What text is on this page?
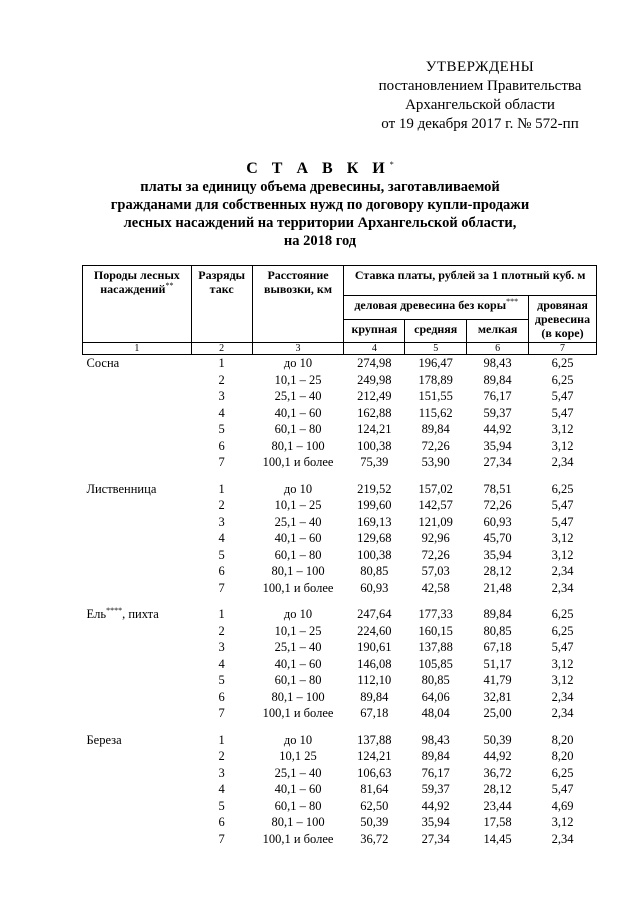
УТВЕРЖДЕНЫ
постановлением Правительства
Архангельской области
от 19 декабря 2017 г. № 572-пп
С Т А В К И*
платы за единицу объема древесины, заготавливаемой
гражданами для собственных нужд по договору купли-продажи
лесных насаждений на территории Архангельской области,
на 2018 год
Породы лесных насаждений**	Разряды такс	Расстояние вывозки, км	Ставка платы, рублей за 1 плотный куб. м			
			деловая древесина без коры***			дровяная древесина (в коре)
			крупная	средняя	мелкая	
1	2	3	4	5	6	7
Сосна	1	до 10	274,98	196,47	98,43	6,25
	2	10,1 – 25	249,98	178,89	89,84	6,25
	3	25,1 – 40	212,49	151,55	76,17	5,47
	4	40,1 – 60	162,88	115,62	59,37	5,47
	5	60,1 – 80	124,21	89,84	44,92	3,12
	6	80,1 – 100	100,38	72,26	35,94	3,12
	7	100,1 и более	75,39	53,90	27,34	2,34

Лиственница	1	до 10	219,52	157,02	78,51	6,25
	2	10,1 – 25	199,60	142,57	72,26	5,47
	3	25,1 – 40	169,13	121,09	60,93	5,47
	4	40,1 – 60	129,68	92,96	45,70	3,12
	5	60,1 – 80	100,38	72,26	35,94	3,12
	6	80,1 – 100	80,85	57,03	28,12	2,34
	7	100,1 и более	60,93	42,58	21,48	2,34

Ель****, пихта	1	до 10	247,64	177,33	89,84	6,25
	2	10,1 – 25	224,60	160,15	80,85	6,25
	3	25,1 – 40	190,61	137,88	67,18	5,47
	4	40,1 – 60	146,08	105,85	51,17	3,12
	5	60,1 – 80	112,10	80,85	41,79	3,12
	6	80,1 – 100	89,84	64,06	32,81	2,34
	7	100,1 и более	67,18	48,04	25,00	2,34

Береза	1	до 10	137,88	98,43	50,39	8,20
	2	10,1 25	124,21	89,84	44,92	8,20
	3	25,1 – 40	106,63	76,17	36,72	6,25
	4	40,1 – 60	81,64	59,37	28,12	5,47
	5	60,1 – 80	62,50	44,92	23,44	4,69
	6	80,1 – 100	50,39	35,94	17,58	3,12
	7	100,1 и более	36,72	27,34	14,45	2,34
